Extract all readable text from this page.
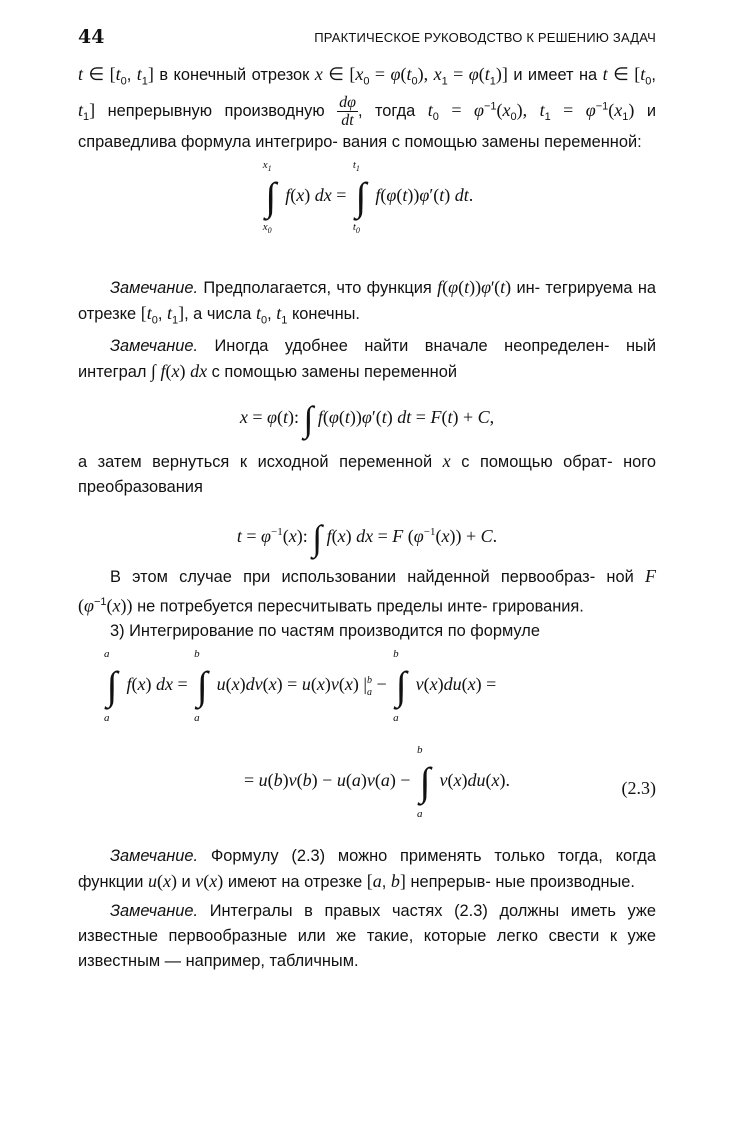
44	ПРАКТИЧЕСКОЕ РУКОВОДСТВО К РЕШЕНИЮ ЗАДАЧ

t ∈ [$t_0$, $t_1$] в конечный отрезок x ∈ [$x_0 = \varphi(t_0)$, $x_1 = \varphi(t_1)$] и имеет на t ∈ [$t_0$, $t_1$] непрерывную производную $\frac{d\varphi}{dt}$ , тогда $t_0 = \varphi^{-1}(x_0)$, $t_1 = \varphi^{-1}(x_1)$ и справедлива формула интегриро- вания с помощью замены переменной:

∫
$x_1$
$x_0$
f(x) dx = ∫
$t_1$
$t_0$
f(φ(t))φ′(t) dt.

Замечание. Предполагается, что функция f(φ(t))φ′(t) ин- тегрируема на отрезке [$t_0$, $t_1$], а числа $t_0$, $t_1$ конечны.

Замечание. Иногда удобнее найти вначале неопределен- ный интеграл ∫ f(x) dx с помощью замены переменной

x = φ(t): ∫ f(φ(t))φ′(t) dt = F(t) + C,

а затем вернуться к исходной переменной x с помощью обрат- ного преобразования

$t = \varphi^{-1}(x)$: ∫ f(x) dx = F $(\varphi^{-1}(x)) + C$.

В этом случае при использовании найденной первообраз- ной F $(\varphi^{-1}(x))$ не потребуется пересчитывать пределы инте- грирования.

3) Интегрирование по частям производится по формуле

∫
a
a
f(x) dx = ∫
b
a
u(x)dv(x) = u(x)v(x) $|^b_a$ − ∫
b
a
v(x)du(x) =
= u(b)v(b) − u(a)v(a) − ∫
b
a
v(x)du(x).	(2.3)

Замечание. Формулу (2.3) можно применять только тогда, когда функции u(x) и v(x) имеют на отрезке [a, b] непрерыв- ные производные.

Замечание. Интегралы в правых частях (2.3) должны иметь уже известные первообразные или же такие, которые легко свести к уже известным — например, табличным.
